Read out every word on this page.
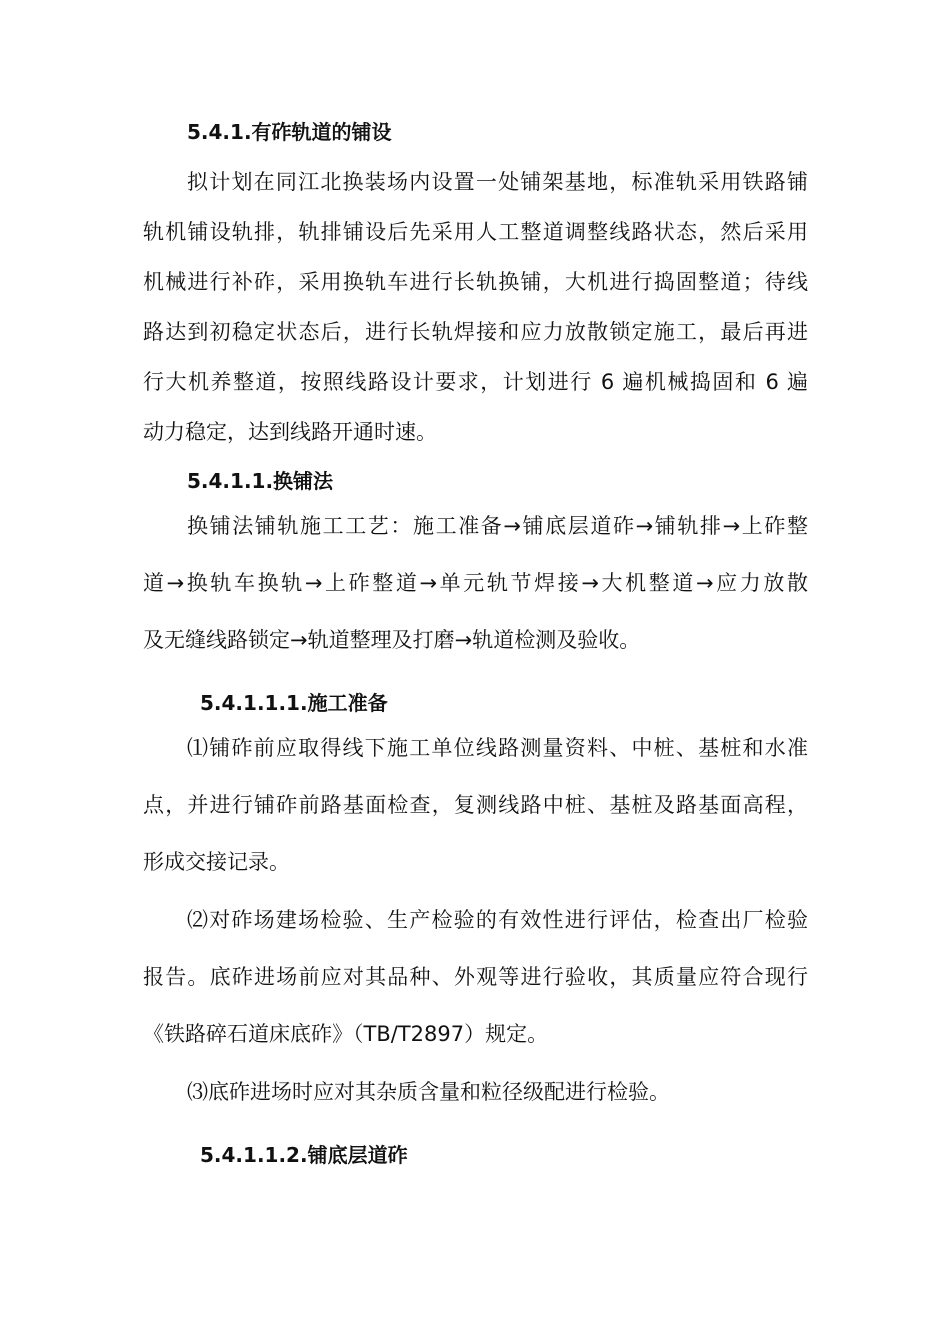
5.4.1.有砟轨道的铺设
拟计划在同江北换装场内设置一处铺架基地，标准轨采用铁路铺
轨机铺设轨排，轨排铺设后先采用人工整道调整线路状态，然后采用
机械进行补砟，采用换轨车进行长轨换铺，大机进行捣固整道；待线
路达到初稳定状态后，进行长轨焊接和应力放散锁定施工，最后再进
行大机养整道，按照线路设计要求，计划进行 6 遍机械捣固和 6 遍
动力稳定，达到线路开通时速。
5.4.1.1.换铺法
换铺法铺轨施工工艺：施工准备→铺底层道砟→铺轨排→上砟整
道→换轨车换轨→上砟整道→单元轨节焊接→大机整道→应力放散
及无缝线路锁定→轨道整理及打磨→轨道检测及验收。
5.4.1.1.1.施工准备
⑴铺砟前应取得线下施工单位线路测量资料、中桩、基桩和水准
点，并进行铺砟前路基面检查，复测线路中桩、基桩及路基面高程，
形成交接记录。
⑵对砟场建场检验、生产检验的有效性进行评估，检查出厂检验
报告。底砟进场前应对其品种、外观等进行验收，其质量应符合现行
《铁路碎石道床底砟》（TB/T2897）规定。
⑶底砟进场时应对其杂质含量和粒径级配进行检验。
5.4.1.1.2.铺底层道砟
